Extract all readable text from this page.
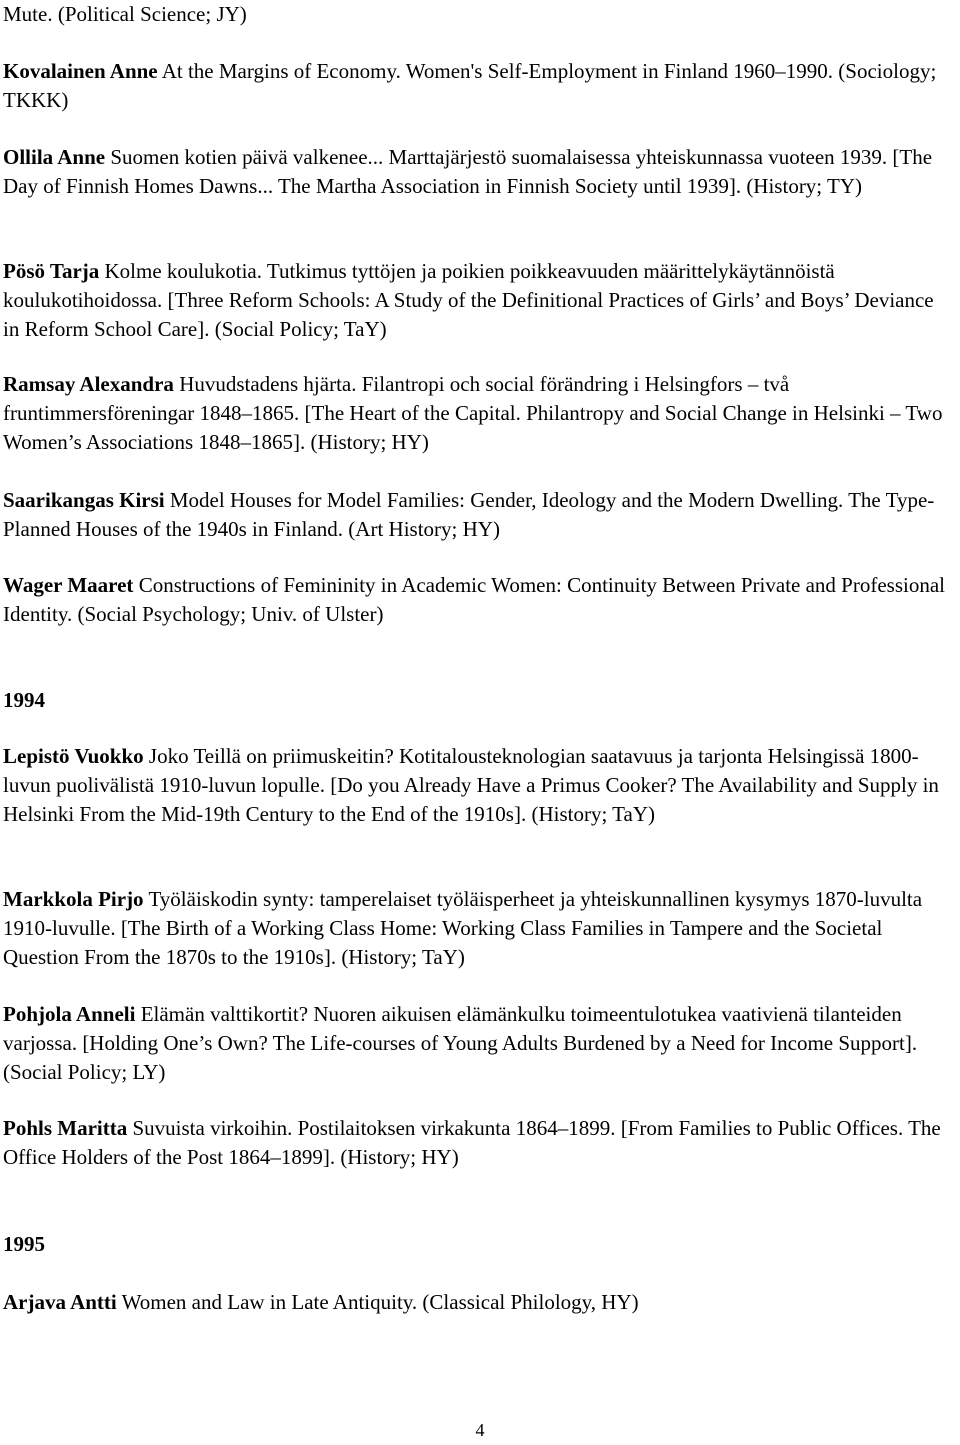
Mute. (Political Science; JY)

Kovalainen Anne At the Margins of Economy. Women's Self-Employment in Finland 1960–1990. (Sociology; TKKK)

Ollila Anne Suomen kotien päivä valkenee... Marttajärjestö suomalaisessa yhteiskunnassa vuoteen 1939. [The Day of Finnish Homes Dawns... The Martha Association in Finnish Society until 1939]. (History; TY)

Pösö Tarja Kolme koulukotia. Tutkimus tyttöjen ja poikien poikkeavuuden määrittelykäytännöistä koulukotihoidossa. [Three Reform Schools: A Study of the Definitional Practices of Girls’ and Boys’ Deviance in Reform School Care]. (Social Policy; TaY)

Ramsay Alexandra Huvudstadens hjärta. Filantropi och social förändring i Helsingfors – två fruntimmersföreningar 1848–1865. [The Heart of the Capital. Philantropy and Social Change in Helsinki – Two Women’s Associations 1848–1865]. (History; HY)

Saarikangas Kirsi Model Houses for Model Families: Gender, Ideology and the Modern Dwelling. The Type-Planned Houses of the 1940s in Finland. (Art History; HY)

Wager Maaret Constructions of Femininity in Academic Women: Continuity Between Private and Professional Identity. (Social Psychology; Univ. of Ulster)

1994

Lepistö Vuokko Joko Teillä on priimuskeitin? Kotitalousteknologian saatavuus ja tarjonta Helsingissä 1800-luvun puolivälistä 1910-luvun lopulle. [Do you Already Have a Primus Cooker? The Availability and Supply in Helsinki From the Mid-19th Century to the End of the 1910s]. (History; TaY)

Markkola Pirjo Työläiskodin synty: tamperelaiset työläisperheet ja yhteiskunnallinen kysymys 1870-luvulta 1910-luvulle. [The Birth of a Working Class Home: Working Class Families in Tampere and the Societal Question From the 1870s to the 1910s]. (History; TaY)

Pohjola Anneli Elämän valttikortit? Nuoren aikuisen elämänkulku toimeentulotukea vaativienä tilanteiden varjossa. [Holding One’s Own? The Life-courses of Young Adults Burdened by a Need for Income Support]. (Social Policy; LY)

Pohls Maritta Suvuista virkoihin. Postilaitoksen virkakunta 1864–1899. [From Families to Public Offices. The Office Holders of the Post 1864–1899]. (History; HY)

1995

Arjava Antti Women and Law in Late Antiquity. (Classical Philology, HY)

4
